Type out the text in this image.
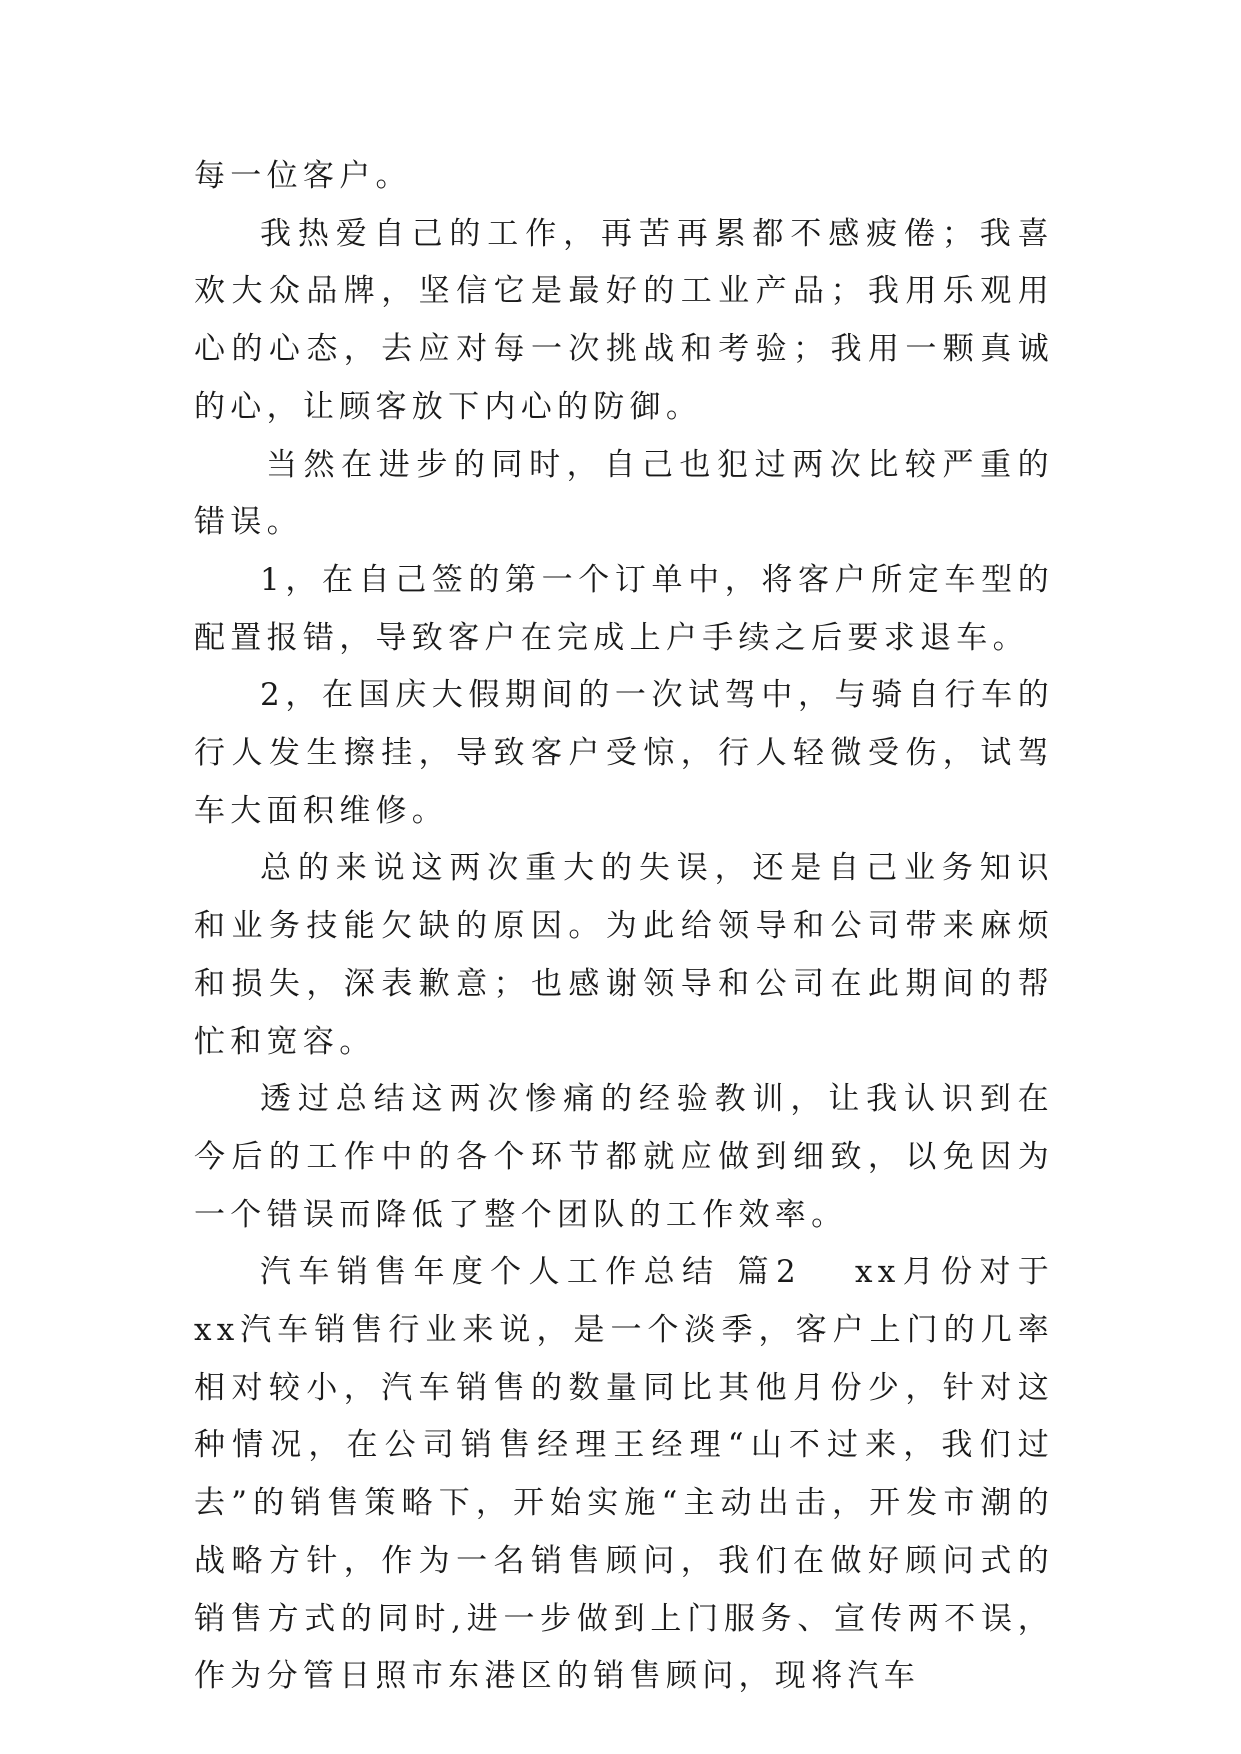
每一位客户。

我热爱自己的工作，再苦再累都不感疲倦；我喜欢大众品牌，坚信它是最好的工业产品；我用乐观用心的心态，去应对每一次挑战和考验；我用一颗真诚的心，让顾客放下内心的防御。

当然在进步的同时，自己也犯过两次比较严重的错误。

1，在自己签的第一个订单中，将客户所定车型的配置报错，导致客户在完成上户手续之后要求退车。

2，在国庆大假期间的一次试驾中，与骑自行车的行人发生擦挂，导致客户受惊，行人轻微受伤，试驾车大面积维修。

总的来说这两次重大的失误，还是自己业务知识和业务技能欠缺的原因。为此给领导和公司带来麻烦和损失，深表歉意；也感谢领导和公司在此期间的帮忙和宽容。

透过总结这两次惨痛的经验教训，让我认识到在今后的工作中的各个环节都就应做到细致，以免因为一个错误而降低了整个团队的工作效率。

汽车销售年度个人工作总结 篇2 xx月份对于xx汽车销售行业来说，是一个淡季，客户上门的几率相对较小，汽车销售的数量同比其他月份少，针对这种情况，在公司销售经理王经理“山不过来，我们过去”的销售策略下，开始实施“主动出击，开发市潮的战略方针，作为一名销售顾问，我们在做好顾问式的销售方式的同时,进一步做到上门服务、宣传两不误，作为分管日照市东港区的销售顾问，现将汽车
